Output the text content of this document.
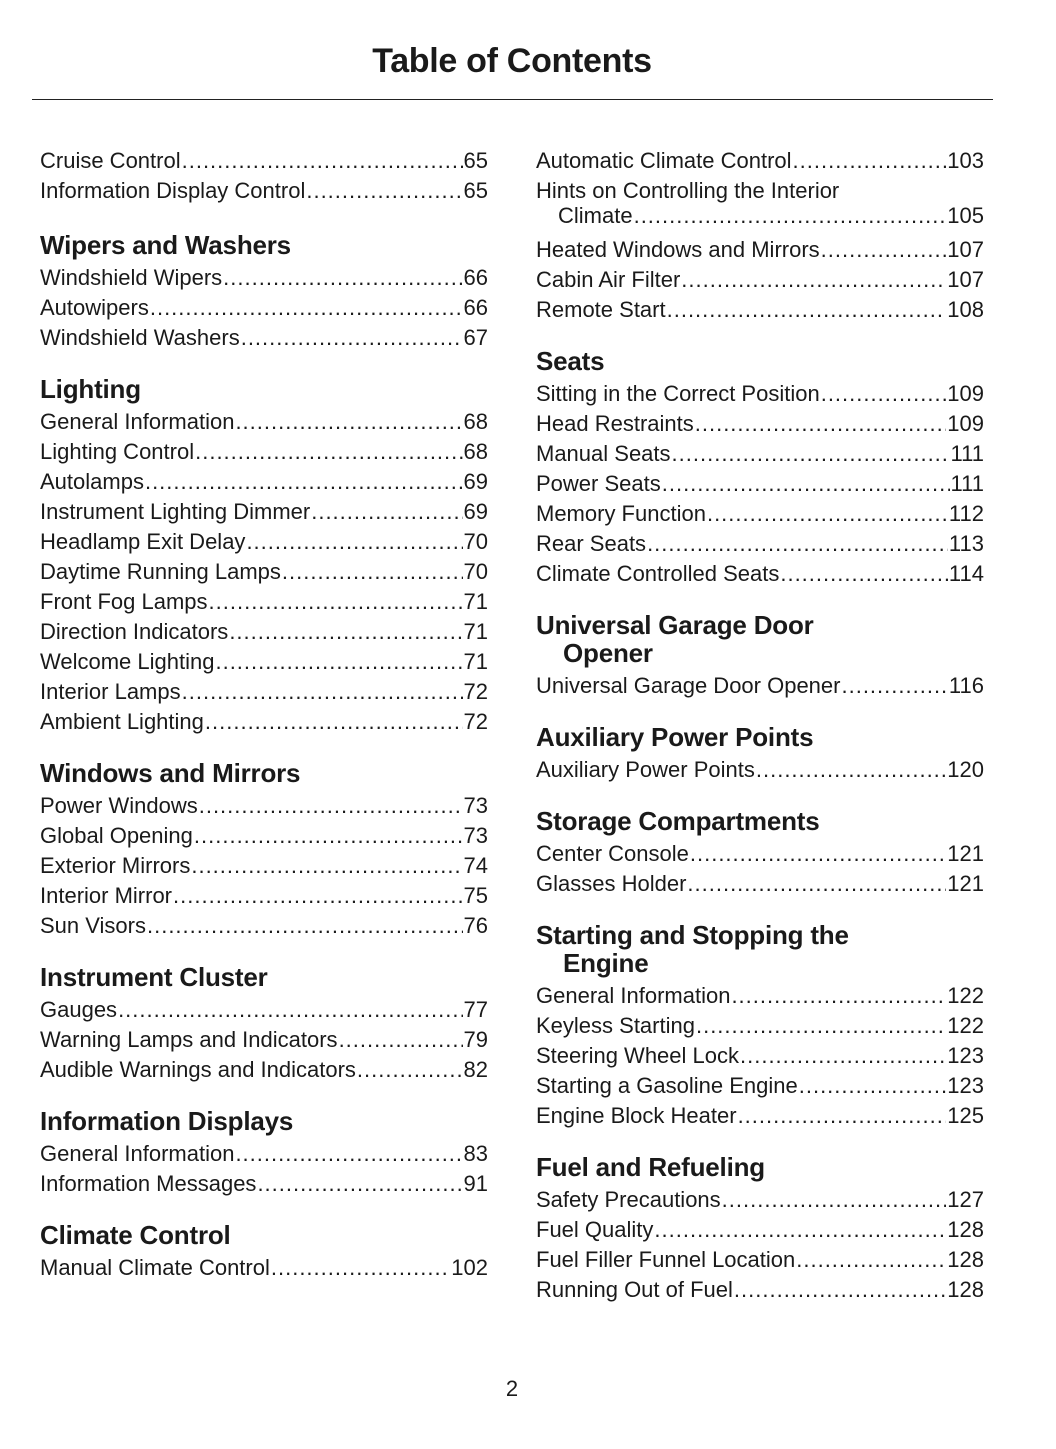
Table of Contents
Cruise Control .....	65
Information Display Control .....	65
Wipers and Washers
Windshield Wipers .....	66
Autowipers .....	66
Windshield Washers .....	67
Lighting
General Information .....	68
Lighting Control .....	68
Autolamps .....	69
Instrument Lighting Dimmer .....	69
Headlamp Exit Delay .....	70
Daytime Running Lamps .....	70
Front Fog Lamps .....	71
Direction Indicators .....	71
Welcome Lighting .....	71
Interior Lamps .....	72
Ambient Lighting .....	72
Windows and Mirrors
Power Windows .....	73
Global Opening .....	73
Exterior Mirrors .....	74
Interior Mirror .....	75
Sun Visors .....	76
Instrument Cluster
Gauges .....	77
Warning Lamps and Indicators .....	79
Audible Warnings and Indicators .....	82
Information Displays
General Information .....	83
Information Messages .....	91
Climate Control
Manual Climate Control .....	102
Automatic Climate Control .....	103
Hints on Controlling the Interior
Climate .....	105
Heated Windows and Mirrors .....	107
Cabin Air Filter .....	107
Remote Start .....	108
Seats
Sitting in the Correct Position .....	109
Head Restraints .....	109
Manual Seats .....	111
Power Seats .....	111
Memory Function .....	112
Rear Seats .....	113
Climate Controlled Seats .....	114
Universal Garage Door
Opener
Universal Garage Door Opener .....	116
Auxiliary Power Points
Auxiliary Power Points .....	120
Storage Compartments
Center Console .....	121
Glasses Holder .....	121
Starting and Stopping the
Engine
General Information .....	122
Keyless Starting .....	122
Steering Wheel Lock .....	123
Starting a Gasoline Engine .....	123
Engine Block Heater .....	125
Fuel and Refueling
Safety Precautions .....	127
Fuel Quality .....	128
Fuel Filler Funnel Location .....	128
Running Out of Fuel .....	128
2
